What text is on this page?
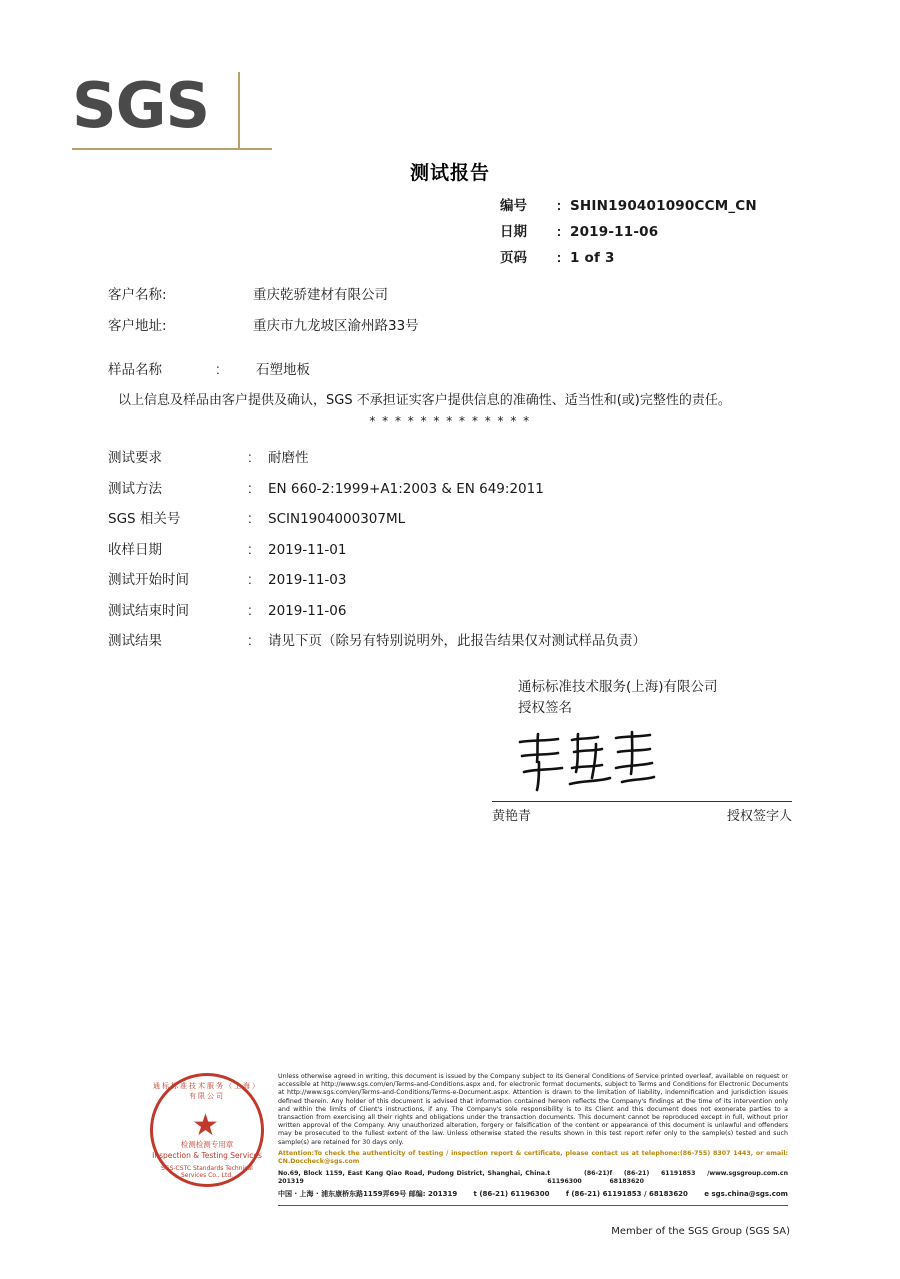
SGS
测试报告
编号	: SHIN190401090CCM_CN
日期	: 2019-11-06
页码	: 1 of 3
客户名称:	重庆乾骄建材有限公司
客户地址:	重庆市九龙坡区渝州路33号
样品名称	:	石塑地板
以上信息及样品由客户提供及确认，SGS 不承担证实客户提供信息的准确性、适当性和(或)完整性的责任。
* * * * * * * * * * * * *
测试要求	:	耐磨性
测试方法	:	EN 660-2:1999+A1:2003 & EN 649:2011
SGS 相关号	:	SCIN1904000307ML
收样日期	:	2019-11-01
测试开始时间	:	2019-11-03
测试结束时间	:	2019-11-06
测试结果	:	请见下页（除另有特别说明外，此报告结果仅对测试样品负责）
通标标准技术服务(上海)有限公司
授权签名
黄艳青	授权签字人
通标标准技术服务（上海）有限公司
★
检测检测专用章
Inspection & Testing Services
SGS-CSTC Standards Technical Services Co., Ltd.
Unless otherwise agreed in writing, this document is issued by the Company subject to its General Conditions of Service printed overleaf, available on request or accessible at http://www.sgs.com/en/Terms-and-Conditions.aspx and, for electronic format documents, subject to Terms and Conditions for Electronic Documents at http://www.sgs.com/en/Terms-and-Conditions/Terms-e-Document.aspx. Attention is drawn to the limitation of liability, indemnification and jurisdiction issues defined therein. Any holder of this document is advised that information contained hereon reflects the Company's findings at the time of its intervention only and within the limits of Client's instructions, if any. The Company's sole responsibility is to its Client and this document does not exonerate parties to a transaction from exercising all their rights and obligations under the transaction documents. This document cannot be reproduced except in full, without prior written approval of the Company. Any unauthorized alteration, forgery or falsification of the content or appearance of this document is unlawful and offenders may be prosecuted to the fullest extent of the law. Unless otherwise stated the results shown in this test report refer only to the sample(s) tested and such sample(s) are retained for 30 days only.
Attention:To check the authenticity of testing / inspection report & certificate, please contact us at telephone:(86-755) 8307 1443, or email: CN.Doccheck@sgs.com
No.69, Block 1159, East Kang Qiao Road, Pudong District, Shanghai, China. 201319
t (86-21) 61196300
f (86-21) 61191853 / 68183620
www.sgsgroup.com.cn
中国 · 上海 · 浦东康桥东路1159弄69号 邮编: 201319 t (86-21) 61196300 f (86-21) 61191853 / 68183620 e sgs.china@sgs.com
Member of the SGS Group (SGS SA)
